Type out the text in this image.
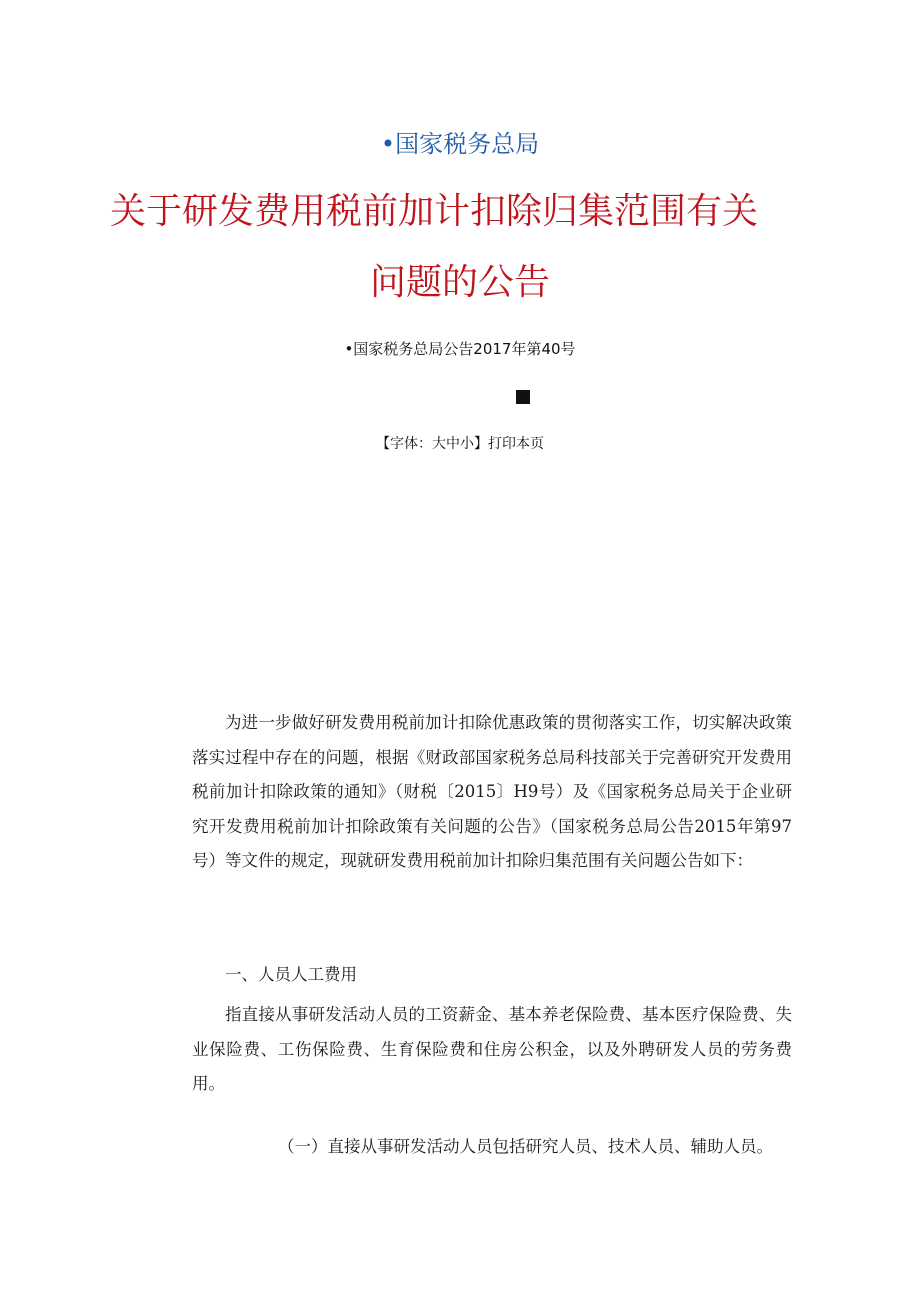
•国家税务总局
关于研发费用税前加计扣除归集范围有关
问题的公告
•国家税务总局公告2017年第40号
【字体：大中小】打印本页

为进一步做好研发费用税前加计扣除优惠政策的贯彻落实工作，切实解决政策落实过程中存在的问题，根据《财政部国家税务总局科技部关于完善研究开发费用税前加计扣除政策的通知》（财税〔2015〕H9号）及《国家税务总局关于企业研究开发费用税前加计扣除政策有关问题的公告》（国家税务总局公告2015年第97号）等文件的规定，现就研发费用税前加计扣除归集范围有关问题公告如下：

一、人员人工费用

指直接从事研发活动人员的工资薪金、基本养老保险费、基本医疗保险费、失业保险费、工伤保险费、生育保险费和住房公积金，以及外聘研发人员的劳务费用。

（一）直接从事研发活动人员包括研究人员、技术人员、辅助人员。
